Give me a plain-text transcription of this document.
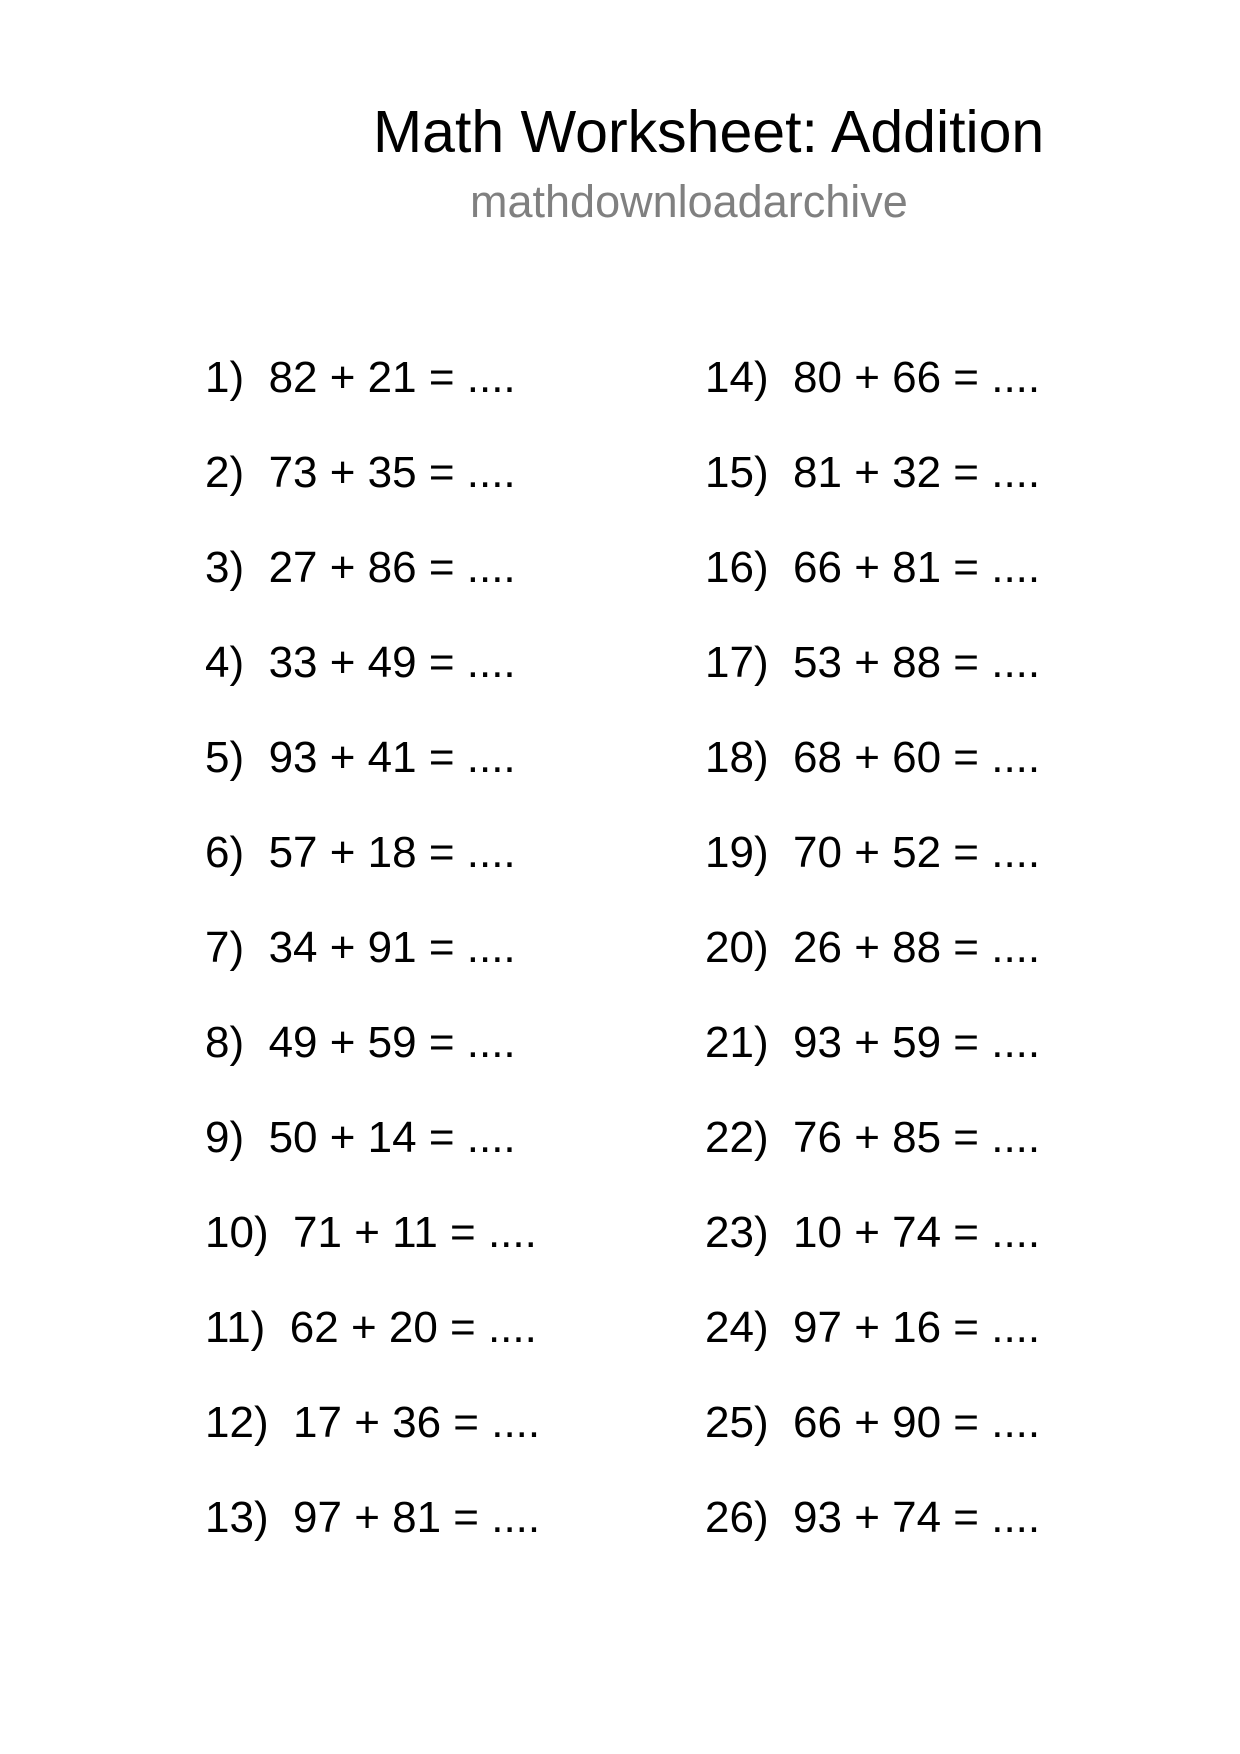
Math Worksheet: Addition
mathdownloadarchive
1)  82 + 21 = ....
2)  73 + 35 = ....
3)  27 + 86 = ....
4)  33 + 49 = ....
5)  93 + 41 = ....
6)  57 + 18 = ....
7)  34 + 91 = ....
8)  49 + 59 = ....
9)  50 + 14 = ....
10)  71 + 11 = ....
11)  62 + 20 = ....
12)  17 + 36 = ....
13)  97 + 81 = ....
14)  80 + 66 = ....
15)  81 + 32 = ....
16)  66 + 81 = ....
17)  53 + 88 = ....
18)  68 + 60 = ....
19)  70 + 52 = ....
20)  26 + 88 = ....
21)  93 + 59 = ....
22)  76 + 85 = ....
23)  10 + 74 = ....
24)  97 + 16 = ....
25)  66 + 90 = ....
26)  93 + 74 = ....
